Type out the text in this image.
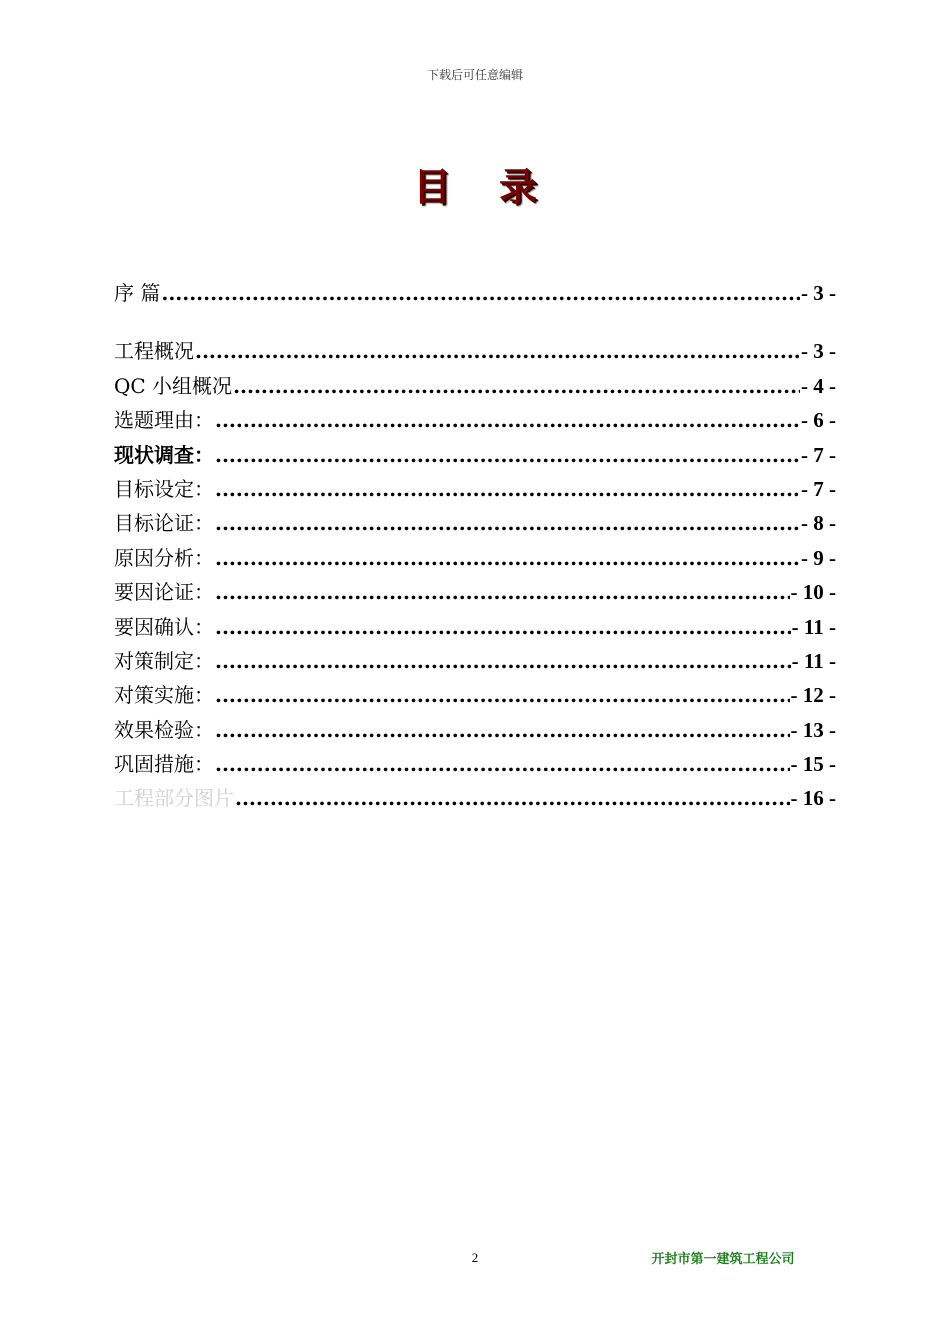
下载后可任意编辑
目录
序 篇 .....	- 3 -
工程概况 .....	- 3 -
QC 小组概况 .....	- 4 -
选题理由： .....	- 6 -
现状调查： .....	- 7 -
目标设定： .....	- 7 -
目标论证： .....	- 8 -
原因分析： .....	- 9 -
要因论证： .....	- 10 -
要因确认： .....	- 11 -
对策制定： .....	- 11 -
对策实施： .....	- 12 -
效果检验： .....	- 13 -
巩固措施： .....	- 15 -
工程部分图片 .....	- 16 -
2	开封市第一建筑工程公司
